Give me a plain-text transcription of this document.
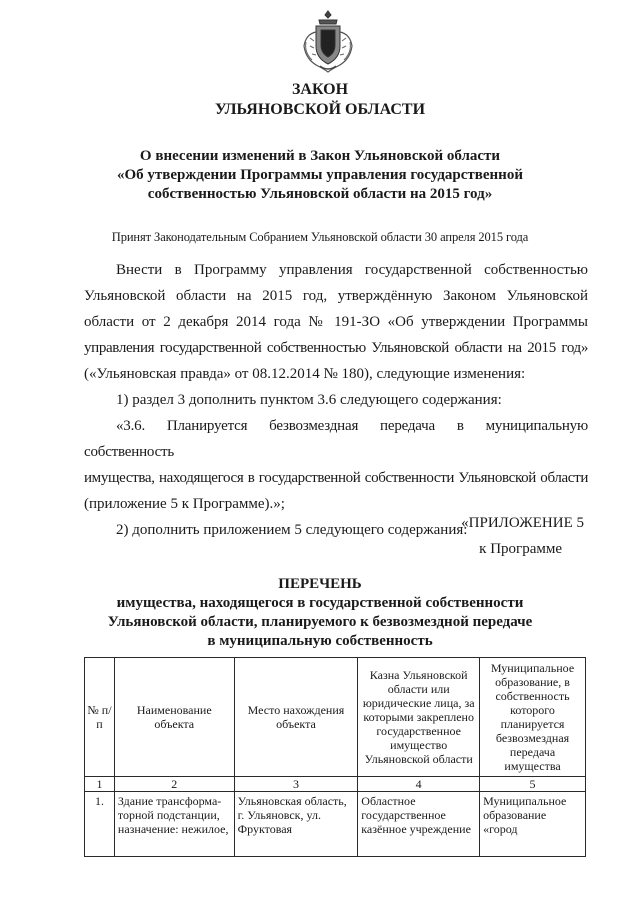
ЗАКОН
УЛЬЯНОВСКОЙ ОБЛАСТИ
О внесении изменений в Закон Ульяновской области
«Об утверждении Программы управления государственной
собственностью Ульяновской области на 2015 год»
Принят Законодательным Собранием Ульяновской области 30 апреля 2015 года

Внести в Программу управления государственной собственностью

Ульяновской области на 2015 год, утверждённую Законом Ульяновской

области от 2 декабря 2014 года № 191-ЗО «Об утверждении Программы

управления государственной собственностью Ульяновской области на 2015 год»

(«Ульяновская правда» от 08.12.2014 № 180), следующие изменения:

1) раздел 3 дополнить пунктом 3.6 следующего содержания:

«3.6. Планируется безвозмездная передача в муниципальную собственность

имущества, находящегося в государственной собственности Ульяновской области

(приложение 5 к Программе).»;

2) дополнить приложением 5 следующего содержания:

«ПРИЛОЖЕНИЕ 5
к Программе
ПЕРЕЧЕНЬ
имущества, находящегося в государственной собственности
Ульяновской области, планируемого к безвозмездной передаче
в муниципальную собственность
№ п/п	Наименование объекта	Место нахождения объекта	Казна Ульяновской области или юридические лица, за которыми закреплено государственное имущество Ульяновской области	Муниципальное образование, в собственность которого планируется безвозмездная передача имущества
1	2	3	4	5
1.	Здание трансформа-торной подстанции, назначение: нежилое,	Ульяновская область, г. Ульяновск, ул. Фруктовая	Областное государственное казённое учреждение	Муниципальное образование «город
